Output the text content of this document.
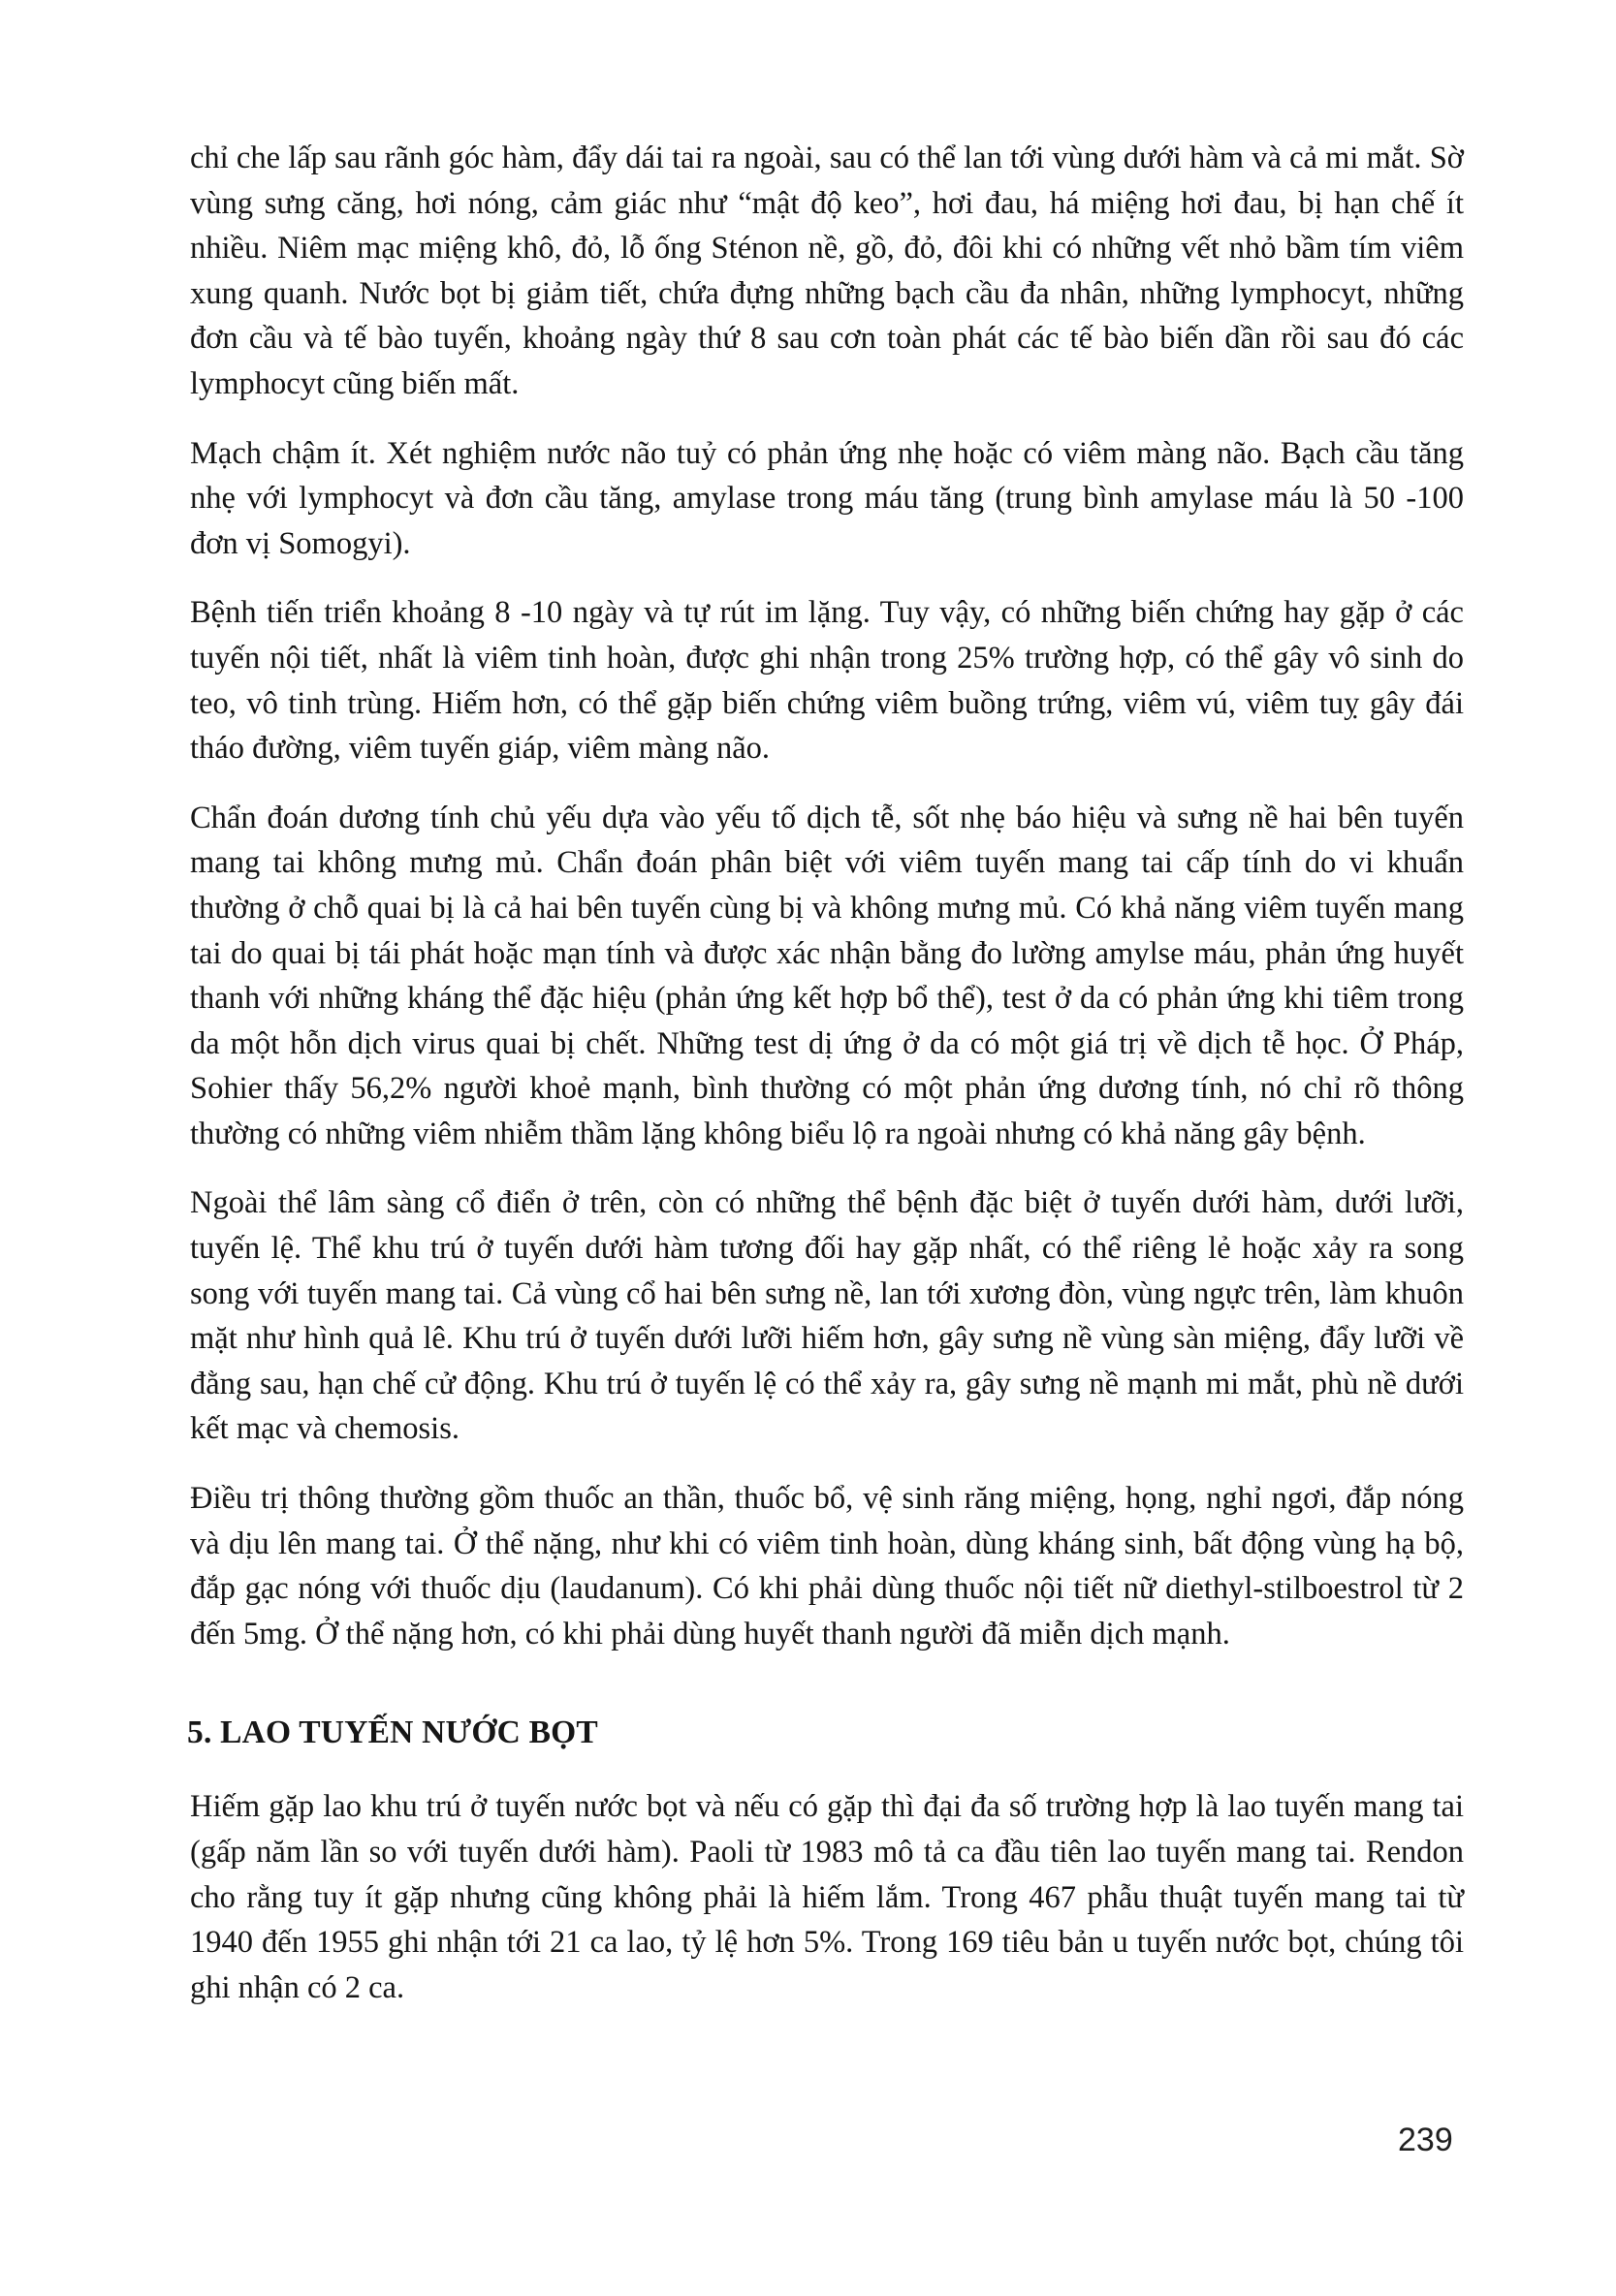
chỉ che lấp sau rãnh góc hàm, đẩy dái tai ra ngoài, sau có thể lan tới vùng dưới hàm và cả mi mắt. Sờ vùng sưng căng, hơi nóng, cảm giác như “mật độ keo”, hơi đau, há miệng hơi đau, bị hạn chế ít nhiều. Niêm mạc miệng khô, đỏ, lỗ ống Sténon nề, gồ, đỏ, đôi khi có những vết nhỏ bầm tím viêm xung quanh. Nước bọt bị giảm tiết, chứa đựng những bạch cầu đa nhân, những lymphocyt, những đơn cầu và tế bào tuyến, khoảng ngày thứ 8 sau cơn toàn phát các tế bào biến dần rồi sau đó các lymphocyt cũng biến mất.

Mạch chậm ít. Xét nghiệm nước não tuỷ có phản ứng nhẹ hoặc có viêm màng não. Bạch cầu tăng nhẹ với lymphocyt và đơn cầu tăng, amylase trong máu tăng (trung bình amylase máu là 50 -100 đơn vị Somogyi).

Bệnh tiến triển khoảng 8 -10 ngày và tự rút im lặng. Tuy vậy, có những biến chứng hay gặp ở các tuyến nội tiết, nhất là viêm tinh hoàn, được ghi nhận trong 25% trường hợp, có thể gây vô sinh do teo, vô tinh trùng. Hiếm hơn, có thể gặp biến chứng viêm buồng trứng, viêm vú, viêm tuỵ gây đái tháo đường, viêm tuyến giáp, viêm màng não.

Chẩn đoán dương tính chủ yếu dựa vào yếu tố dịch tễ, sốt nhẹ báo hiệu và sưng nề hai bên tuyến mang tai không mưng mủ. Chẩn đoán phân biệt với viêm tuyến mang tai cấp tính do vi khuẩn thường ở chỗ quai bị là cả hai bên tuyến cùng bị và không mưng mủ. Có khả năng viêm tuyến mang tai do quai bị tái phát hoặc mạn tính và được xác nhận bằng đo lường amylse máu, phản ứng huyết thanh với những kháng thể đặc hiệu (phản ứng kết hợp bổ thể), test ở da có phản ứng khi tiêm trong da một hỗn dịch virus quai bị chết. Những test dị ứng ở da có một giá trị về dịch tễ học. Ở Pháp, Sohier thấy 56,2% người khoẻ mạnh, bình thường có một phản ứng dương tính, nó chỉ rõ thông thường có những viêm nhiễm thầm lặng không biểu lộ ra ngoài nhưng có khả năng gây bệnh.

Ngoài thể lâm sàng cổ điển ở trên, còn có những thể bệnh đặc biệt ở tuyến dưới hàm, dưới lưỡi, tuyến lệ. Thể khu trú ở tuyến dưới hàm tương đối hay gặp nhất, có thể riêng lẻ hoặc xảy ra song song với tuyến mang tai. Cả vùng cổ hai bên sưng nề, lan tới xương đòn, vùng ngực trên, làm khuôn mặt như hình quả lê. Khu trú ở tuyến dưới lưỡi hiếm hơn, gây sưng nề vùng sàn miệng, đẩy lưỡi về đằng sau, hạn chế cử động. Khu trú ở tuyến lệ có thể xảy ra, gây sưng nề mạnh mi mắt, phù nề dưới kết mạc và chemosis.

Điều trị thông thường gồm thuốc an thần, thuốc bổ, vệ sinh răng miệng, họng, nghỉ ngơi, đắp nóng và dịu lên mang tai. Ở thể nặng, như khi có viêm tinh hoàn, dùng kháng sinh, bất động vùng hạ bộ, đắp gạc nóng với thuốc dịu (laudanum). Có khi phải dùng thuốc nội tiết nữ diethyl-stilboestrol từ 2 đến 5mg. Ở thể nặng hơn, có khi phải dùng huyết thanh người đã miễn dịch mạnh.

5. LAO TUYẾN NƯỚC BỌT

Hiếm gặp lao khu trú ở tuyến nước bọt và nếu có gặp thì đại đa số trường hợp là lao tuyến mang tai (gấp năm lần so với tuyến dưới hàm). Paoli từ 1983 mô tả ca đầu tiên lao tuyến mang tai. Rendon cho rằng tuy ít gặp nhưng cũng không phải là hiếm lắm. Trong 467 phẫu thuật tuyến mang tai từ 1940 đến 1955 ghi nhận tới 21 ca lao, tỷ lệ hơn 5%. Trong 169 tiêu bản u tuyến nước bọt, chúng tôi ghi nhận có 2 ca.

239
